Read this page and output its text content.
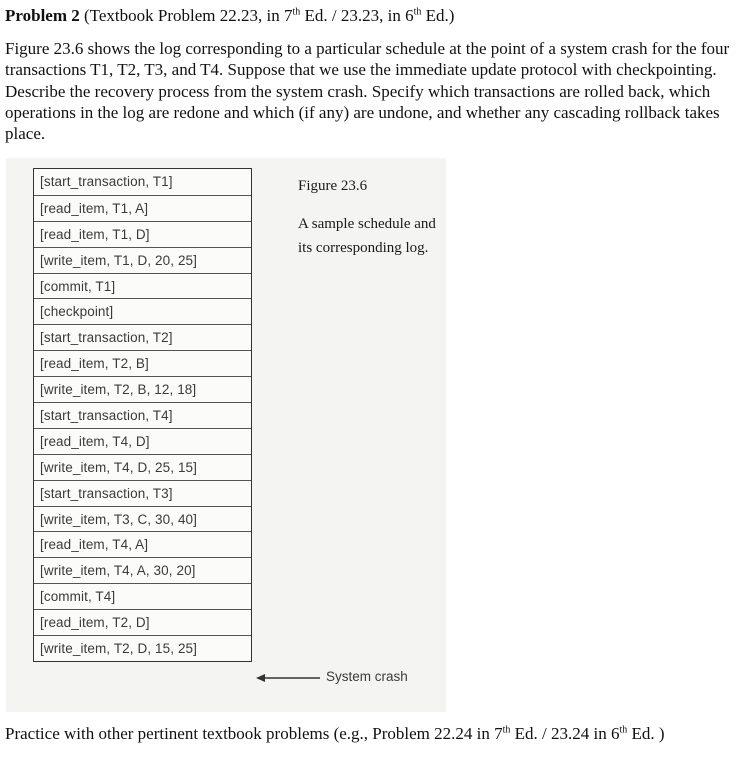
Problem 2 (Textbook Problem 22.23, in 7th Ed. / 23.23, in 6th Ed.)
Figure 23.6 shows the log corresponding to a particular schedule at the point of a system crash for the four transactions T1, T2, T3, and T4. Suppose that we use the immediate update protocol with checkpointing. Describe the recovery process from the system crash. Specify which transactions are rolled back, which operations in the log are redone and which (if any) are undone, and whether any cascading rollback takes place.
[start_transaction, T1]
[read_item, T1, A]
[read_item, T1, D]
[write_item, T1, D, 20, 25]
[commit, T1]
[checkpoint]
[start_transaction, T2]
[read_item, T2, B]
[write_item, T2, B, 12, 18]
[start_transaction, T4]
[read_item, T4, D]
[write_item, T4, D, 25, 15]
[start_transaction, T3]
[write_item, T3, C, 30, 40]
[read_item, T4, A]
[write_item, T4, A, 30, 20]
[commit, T4]
[read_item, T2, D]
[write_item, T2, D, 15, 25]
Figure 23.6
A sample schedule and its corresponding log.
System crash
Practice with other pertinent textbook problems (e.g., Problem 22.24 in 7th Ed. / 23.24 in 6th Ed. )
